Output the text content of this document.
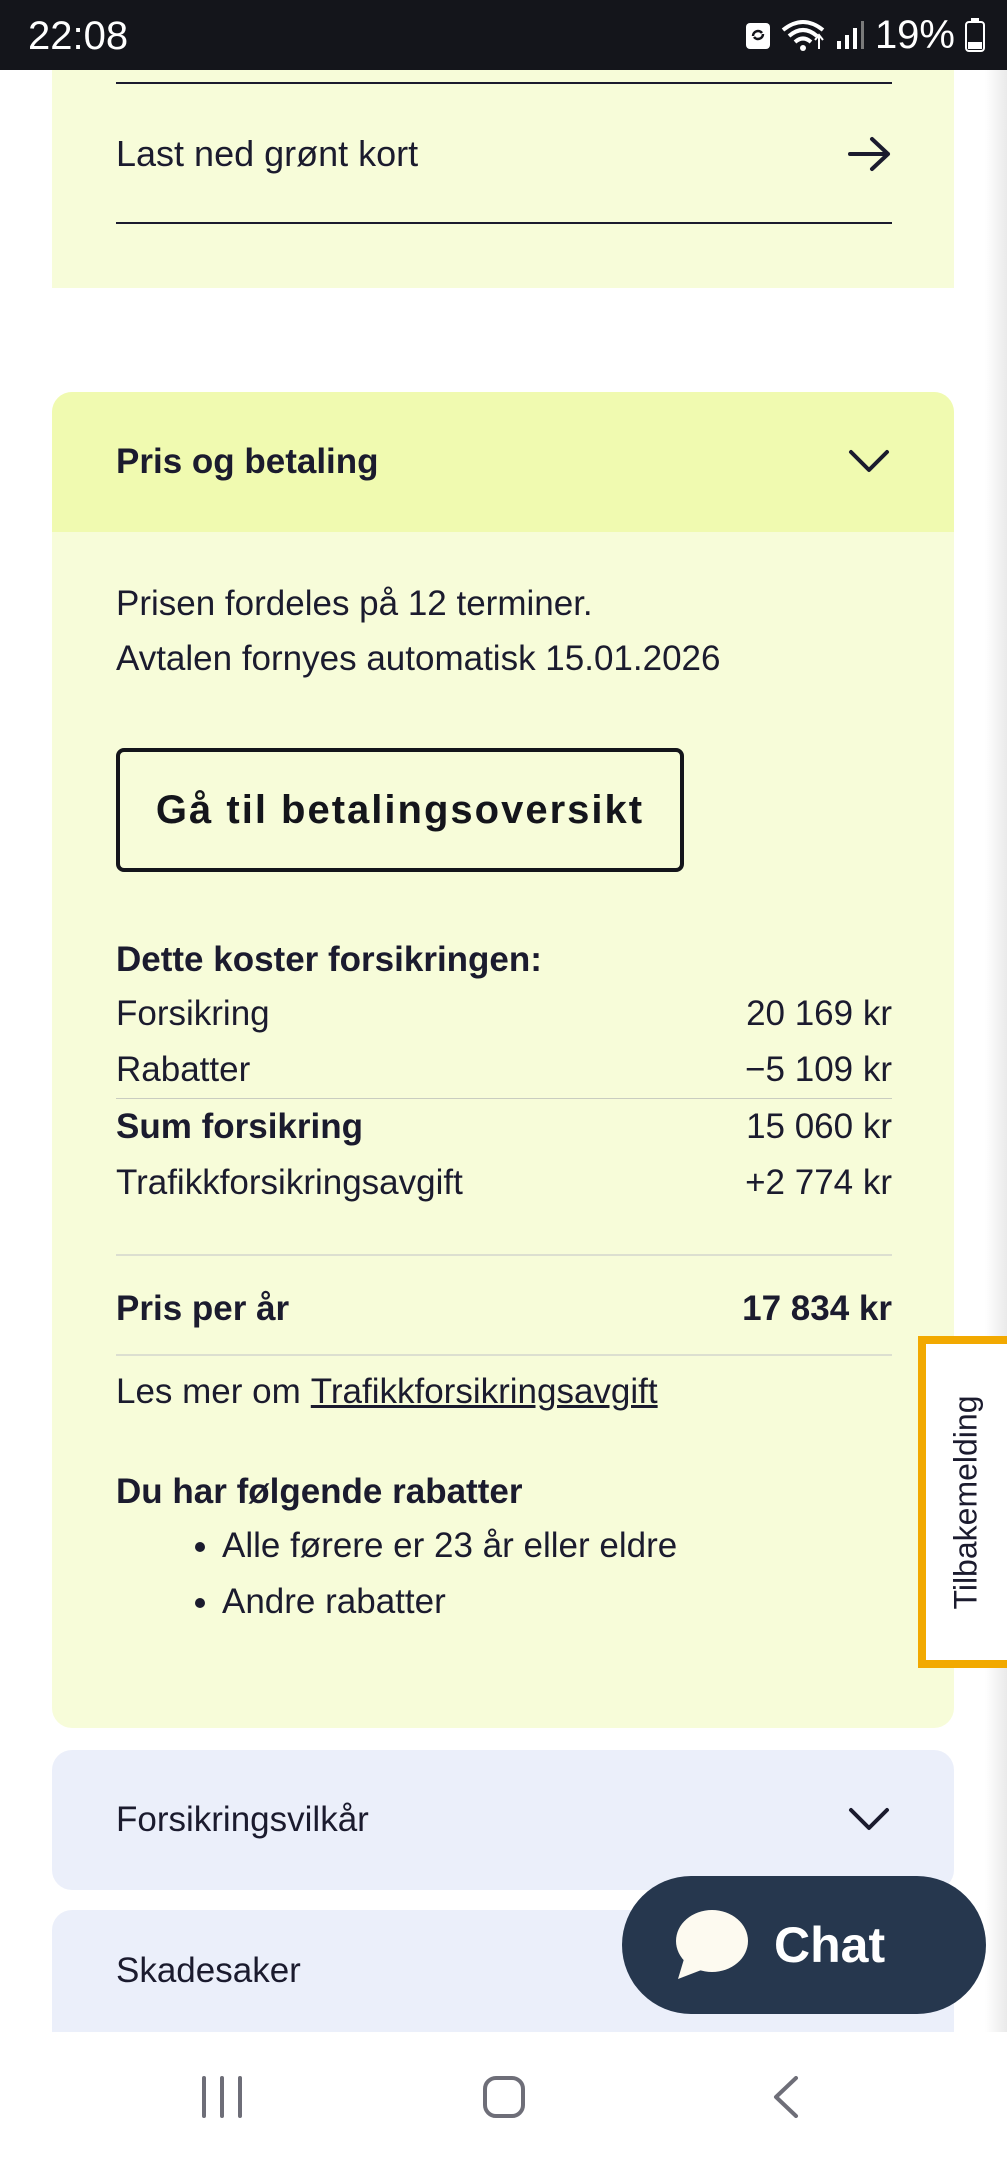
22:08	19%
Last ned grønt kort
Pris og betaling
Prisen fordeles på 12 terminer.
Avtalen fornyes automatisk 15.01.2026
Gå til betalingsoversikt
Dette koster forsikringen:
Forsikring	20 169 kr
Rabatter	−5 109 kr
Sum forsikring	15 060 kr
Trafikkforsikringsavgift	+2 774 kr
Pris per år	17 834 kr
Les mer om Trafikkforsikringsavgift
Du har følgende rabatter
• Alle førere er 23 år eller eldre
• Andre rabatter	Tilbakemelding
Forsikringsvilkår
Skadesaker	Chat
